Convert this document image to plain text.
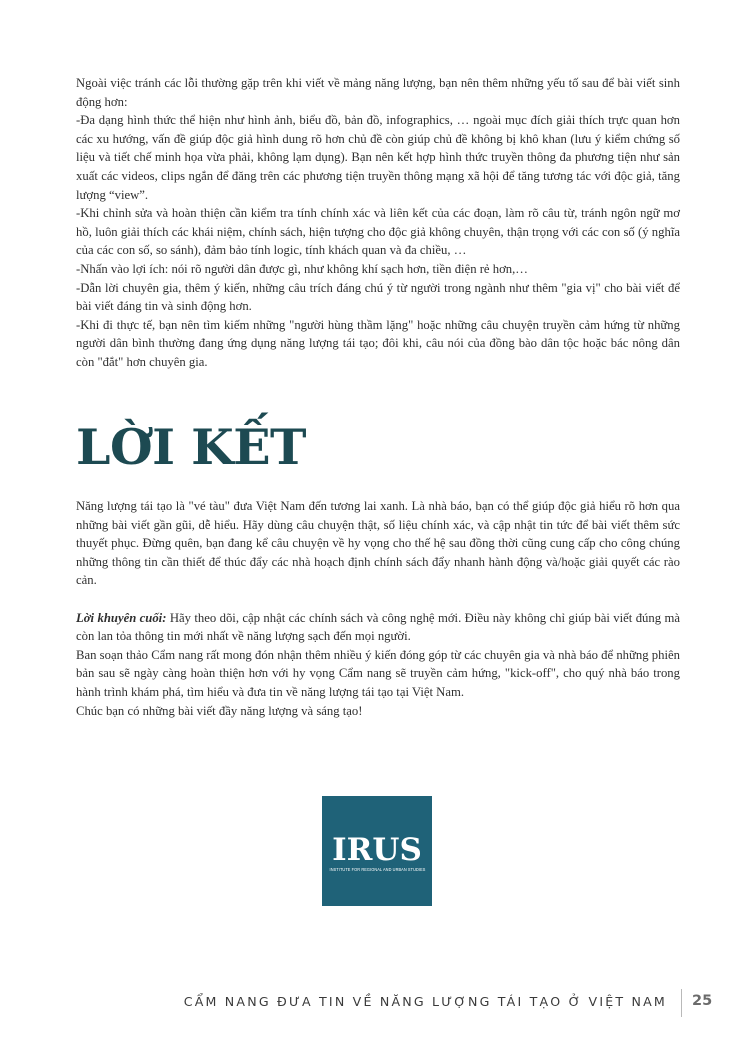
Ngoài việc tránh các lỗi thường gặp trên khi viết về mảng năng lượng, bạn nên thêm những yếu tố sau để bài viết sinh động hơn:

-Đa dạng hình thức thể hiện như hình ảnh, biểu đồ, bản đồ, infographics, … ngoài mục đích giải thích trực quan hơn các xu hướng, vấn đề giúp độc giả hình dung rõ hơn chủ đề còn giúp chủ đề không bị khô khan (lưu ý kiểm chứng số liệu và tiết chế minh họa vừa phải, không lạm dụng). Bạn nên kết hợp hình thức truyền thông đa phương tiện như sản xuất các videos, clips ngắn để đăng trên các phương tiện truyền thông mạng xã hội để tăng tương tác với độc giả, tăng lượng “view”.

-Khi chỉnh sửa và hoàn thiện cần kiểm tra tính chính xác và liên kết của các đoạn, làm rõ câu từ, tránh ngôn ngữ mơ hồ, luôn giải thích các khái niệm, chính sách, hiện tượng cho độc giả không chuyên, thận trọng với các con số (ý nghĩa của các con số, so sánh), đảm bảo tính logic, tính khách quan và đa chiều, …

-Nhấn vào lợi ích: nói rõ người dân được gì, như không khí sạch hơn, tiền điện rẻ hơn,…

-Dẫn lời chuyên gia, thêm ý kiến, những câu trích đáng chú ý từ người trong ngành như thêm "gia vị" cho bài viết để bài viết đáng tin và sinh động hơn.

-Khi đi thực tế, bạn nên tìm kiếm những "người hùng thầm lặng" hoặc những câu chuyện truyền cảm hứng từ những người dân bình thường đang ứng dụng năng lượng tái tạo; đôi khi, câu nói của đồng bào dân tộc hoặc bác nông dân còn "đắt" hơn chuyên gia.

LỜI KẾT

Năng lượng tái tạo là "vé tàu" đưa Việt Nam đến tương lai xanh. Là nhà báo, bạn có thể giúp độc giả hiểu rõ hơn qua những bài viết gần gũi, dễ hiểu. Hãy dùng câu chuyện thật, số liệu chính xác, và cập nhật tin tức để bài viết thêm sức thuyết phục. Đừng quên, bạn đang kể câu chuyện về hy vọng cho thế hệ sau đồng thời cũng cung cấp cho công chúng những thông tin cần thiết để thúc đẩy các nhà hoạch định chính sách đẩy nhanh hành động và/hoặc giải quyết các rào cản.

Lời khuyên cuối: Hãy theo dõi, cập nhật các chính sách và công nghệ mới. Điều này không chỉ giúp bài viết đúng mà còn lan tỏa thông tin mới nhất về năng lượng sạch đến mọi người.

Ban soạn thảo Cẩm nang rất mong đón nhận thêm nhiều ý kiến đóng góp từ các chuyên gia và nhà báo để những phiên bản sau sẽ ngày càng hoàn thiện hơn với hy vọng Cẩm nang sẽ truyền cảm hứng, "kick-off", cho quý nhà báo trong hành trình khám phá, tìm hiểu và đưa tin về năng lượng tái tạo tại Việt Nam.

Chúc bạn có những bài viết đầy năng lượng và sáng tạo!

IRUS
INSTITUTE FOR REGIONAL AND URBAN STUDIES
CẨM NANG ĐƯA TIN VỀ NĂNG LƯỢNG TÁI TẠO Ở VIỆT NAM 25
